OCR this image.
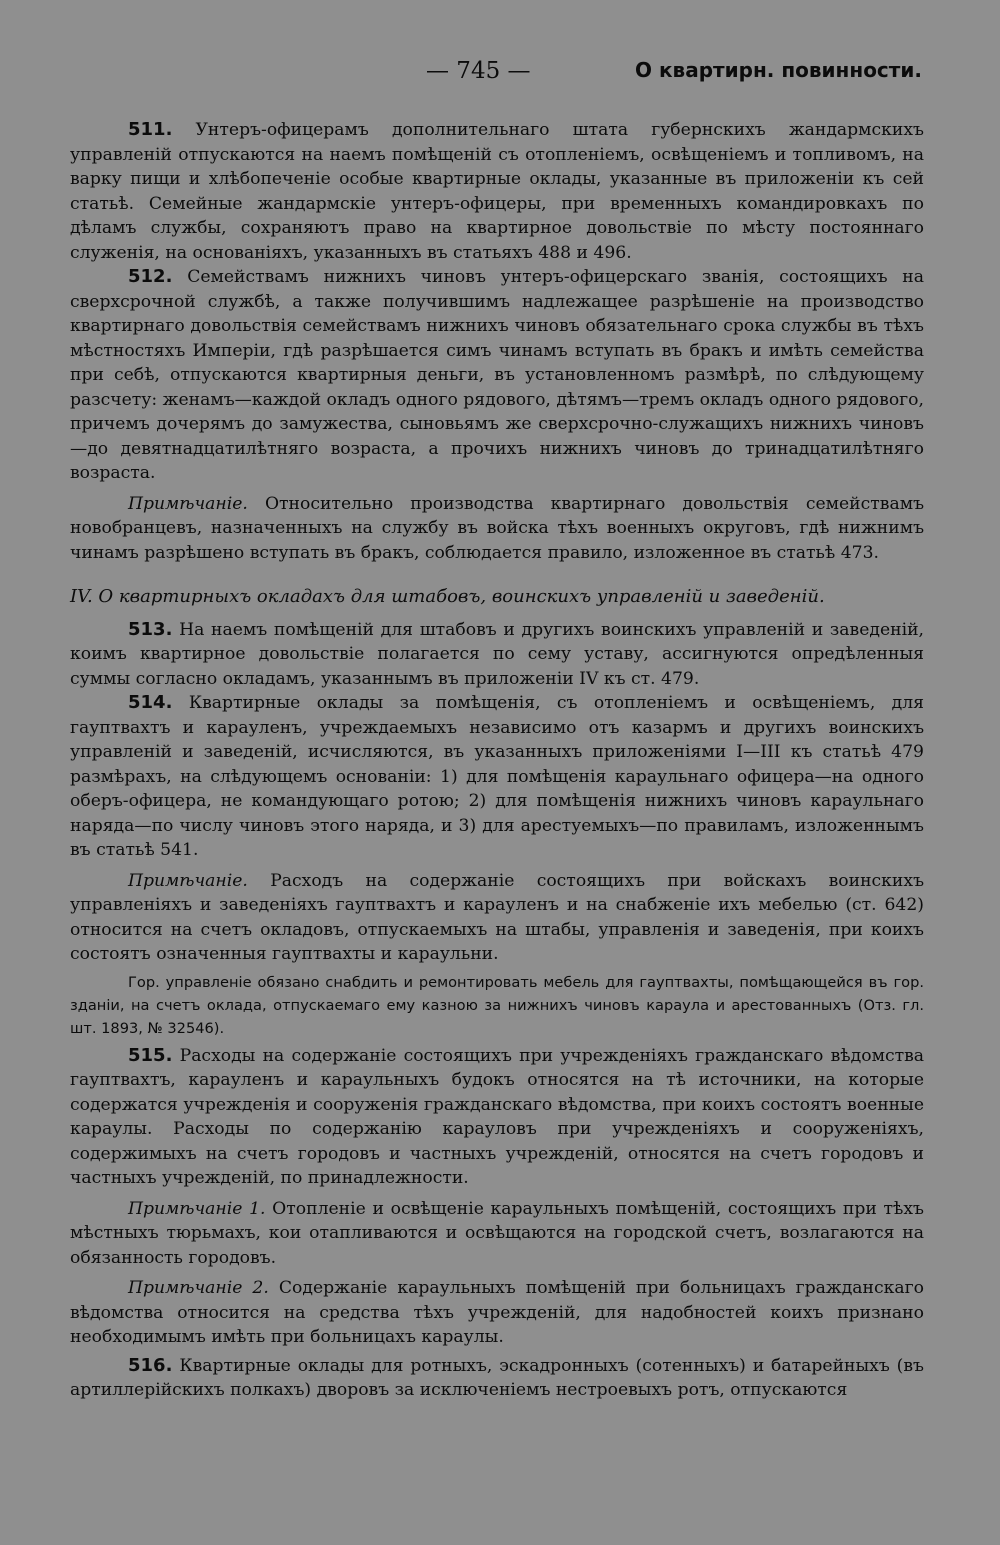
— 745 —	О квартирн. повинности.

511. Унтеръ-офицерамъ дополнительнаго штата губернскихъ жандармскихъ управленій отпускаются на наемъ помѣщеній съ отопленіемъ, освѣщеніемъ и топливомъ, на варку пищи и хлѣбопеченіе особые квартирные оклады, указанные въ приложеніи къ сей статьѣ. Семейные жандармскіе унтеръ-офицеры, при временныхъ командировкахъ по дѣламъ службы, сохраняютъ право на квартирное довольствіе по мѣсту постояннаго служенія, на основаніяхъ, указанныхъ въ статьяхъ 488 и 496.

512. Семействамъ нижнихъ чиновъ унтеръ-офицерскаго званія, состоящихъ на сверхсрочной службѣ, а также получившимъ надлежащее разрѣшеніе на производство квартирнаго довольствія семействамъ нижнихъ чиновъ обязательнаго срока службы въ тѣхъ мѣстностяхъ Имперіи, гдѣ разрѣшается симъ чинамъ вступать въ бракъ и имѣть семейства при себѣ, отпускаются квартирныя деньги, въ установленномъ размѣрѣ, по слѣдующему разсчету: женамъ—каждой окладъ одного рядового, дѣтямъ—тремъ окладъ одного рядового, причемъ дочерямъ до замужества, сыновьямъ же сверхсрочно-служащихъ нижнихъ чиновъ—до девятнадцатилѣтняго возраста, а прочихъ нижнихъ чиновъ до тринадцатилѣтняго возраста.

Примѣчаніе. Относительно производства квартирнаго довольствія семействамъ новобранцевъ, назначенныхъ на службу въ войска тѣхъ военныхъ округовъ, гдѣ нижнимъ чинамъ разрѣшено вступать въ бракъ, соблюдается правило, изложенное въ статьѣ 473.

IV. О квартирныхъ окладахъ для штабовъ, воинскихъ управленій и заведеній.

513. На наемъ помѣщеній для штабовъ и другихъ воинскихъ управленій и заведеній, коимъ квартирное довольствіе полагается по сему уставу, ассигнуются опредѣленныя суммы согласно окладамъ, указаннымъ въ приложеніи IV къ ст. 479.

514. Квартирные оклады за помѣщенія, съ отопленіемъ и освѣщеніемъ, для гауптвахтъ и карауленъ, учреждаемыхъ независимо отъ казармъ и другихъ воинскихъ управленій и заведеній, исчисляются, въ указанныхъ приложеніями I—III къ статьѣ 479 размѣрахъ, на слѣдующемъ основаніи: 1) для помѣщенія караульнаго офицера—на одного оберъ-офицера, не командующаго ротою; 2) для помѣщенія нижнихъ чиновъ караульнаго наряда—по числу чиновъ этого наряда, и 3) для арестуемыхъ—по правиламъ, изложеннымъ въ статьѣ 541.

Примѣчаніе. Расходъ на содержаніе состоящихъ при войскахъ воинскихъ управленіяхъ и заведеніяхъ гауптвахтъ и карауленъ и на снабженіе ихъ мебелью (ст. 642) относится на счетъ окладовъ, отпускаемыхъ на штабы, управленія и заведенія, при коихъ состоятъ означенныя гауптвахты и караульни.

Гор. управленіе обязано снабдить и ремонтировать мебель для гауптвахты, помѣщающейся въ гор. зданіи, на счетъ оклада, отпускаемаго ему казною за нижнихъ чиновъ караула и арестованныхъ (Отз. гл. шт. 1893, № 32546).

515. Расходы на содержаніе состоящихъ при учрежденіяхъ гражданскаго вѣдомства гауптвахтъ, карауленъ и караульныхъ будокъ относятся на тѣ источники, на которые содержатся учрежденія и сооруженія гражданскаго вѣдомства, при коихъ состоятъ военные караулы. Расходы по содержанію карауловъ при учрежденіяхъ и сооруженіяхъ, содержимыхъ на счетъ городовъ и частныхъ учрежденій, относятся на счетъ городовъ и частныхъ учрежденій, по принадлежности.

Примѣчаніе 1. Отопленіе и освѣщеніе караульныхъ помѣщеній, состоящихъ при тѣхъ мѣстныхъ тюрьмахъ, кои отапливаются и освѣщаются на городской счетъ, возлагаются на обязанность городовъ.

Примѣчаніе 2. Содержаніе караульныхъ помѣщеній при больницахъ гражданскаго вѣдомства относится на средства тѣхъ учрежденій, для надобностей коихъ признано необходимымъ имѣть при больницахъ караулы.

516. Квартирные оклады для ротныхъ, эскадронныхъ (сотенныхъ) и батарейныхъ (въ артиллерійскихъ полкахъ) дворовъ за исключеніемъ нестроевыхъ ротъ, отпускаются
